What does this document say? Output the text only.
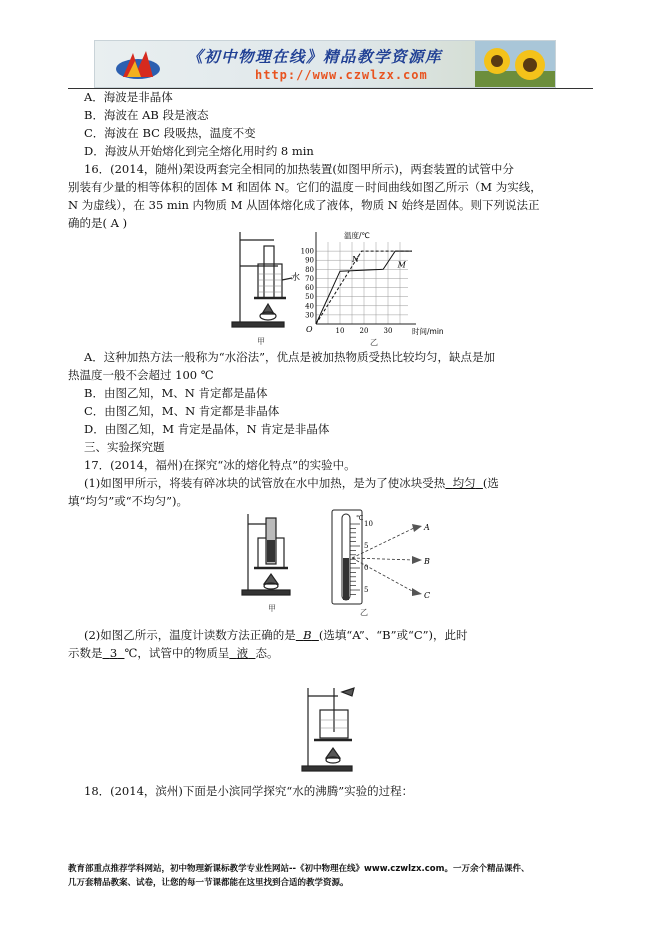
《初中物理在线》精品教学资源库
http://www.czwlzx.com
A．海波是非晶体
B．海波在 AB 段是液态
C．海波在 BC 段吸热，温度不变
D．海波从开始熔化到完全熔化用时约 8 min
16．(2014，随州)架设两套完全相同的加热装置(如图甲所示)，两套装置的试管中分
别装有少量的相等体积的固体 M 和固体 N。它们的温度－时间曲线如图乙所示（M 为实线，
N 为虚线），在 35 min 内物质 M 从固体熔化成了液体，物质 N 始终是固体。则下列说法正
确的是( A )
水
甲
30
40
50
60
70
80
90
100
10 20 30
温度/℃
时间/min
O
N
M
乙
A．这种加热方法一般称为“水浴法”，优点是被加热物质受热比较均匀，缺点是加
热温度一般不会超过 100 ℃
B．由图乙知，M、N 肯定都是晶体
C．由图乙知，M、N 肯定都是非晶体
D．由图乙知，M 肯定是晶体，N 肯定是非晶体
三、实验探究题
17．(2014，福州)在探究“冰的熔化特点”的实验中。
(1)如图甲所示，将装有碎冰块的试管放在水中加热，是为了使冰块受热 均匀 (选
填“均匀”或“不均匀”)。
甲
℃
10
5
0
5
A
B
C
乙
(2)如图乙所示，温度计读数方法正确的是 B (选填“A”、“B”或“C”)，此时
示数是 3 ℃，试管中的物质呈 液 态。
18．(2014，滨州)下面是小滨同学探究“水的沸腾”实验的过程：
教育部重点推荐学科网站，初中物理新课标教学专业性网站--《初中物理在线》www.czwlzx.com。一万余个精品课件、
几万套精品教案、试卷，让您的每一节课都能在这里找到合适的教学资源。
